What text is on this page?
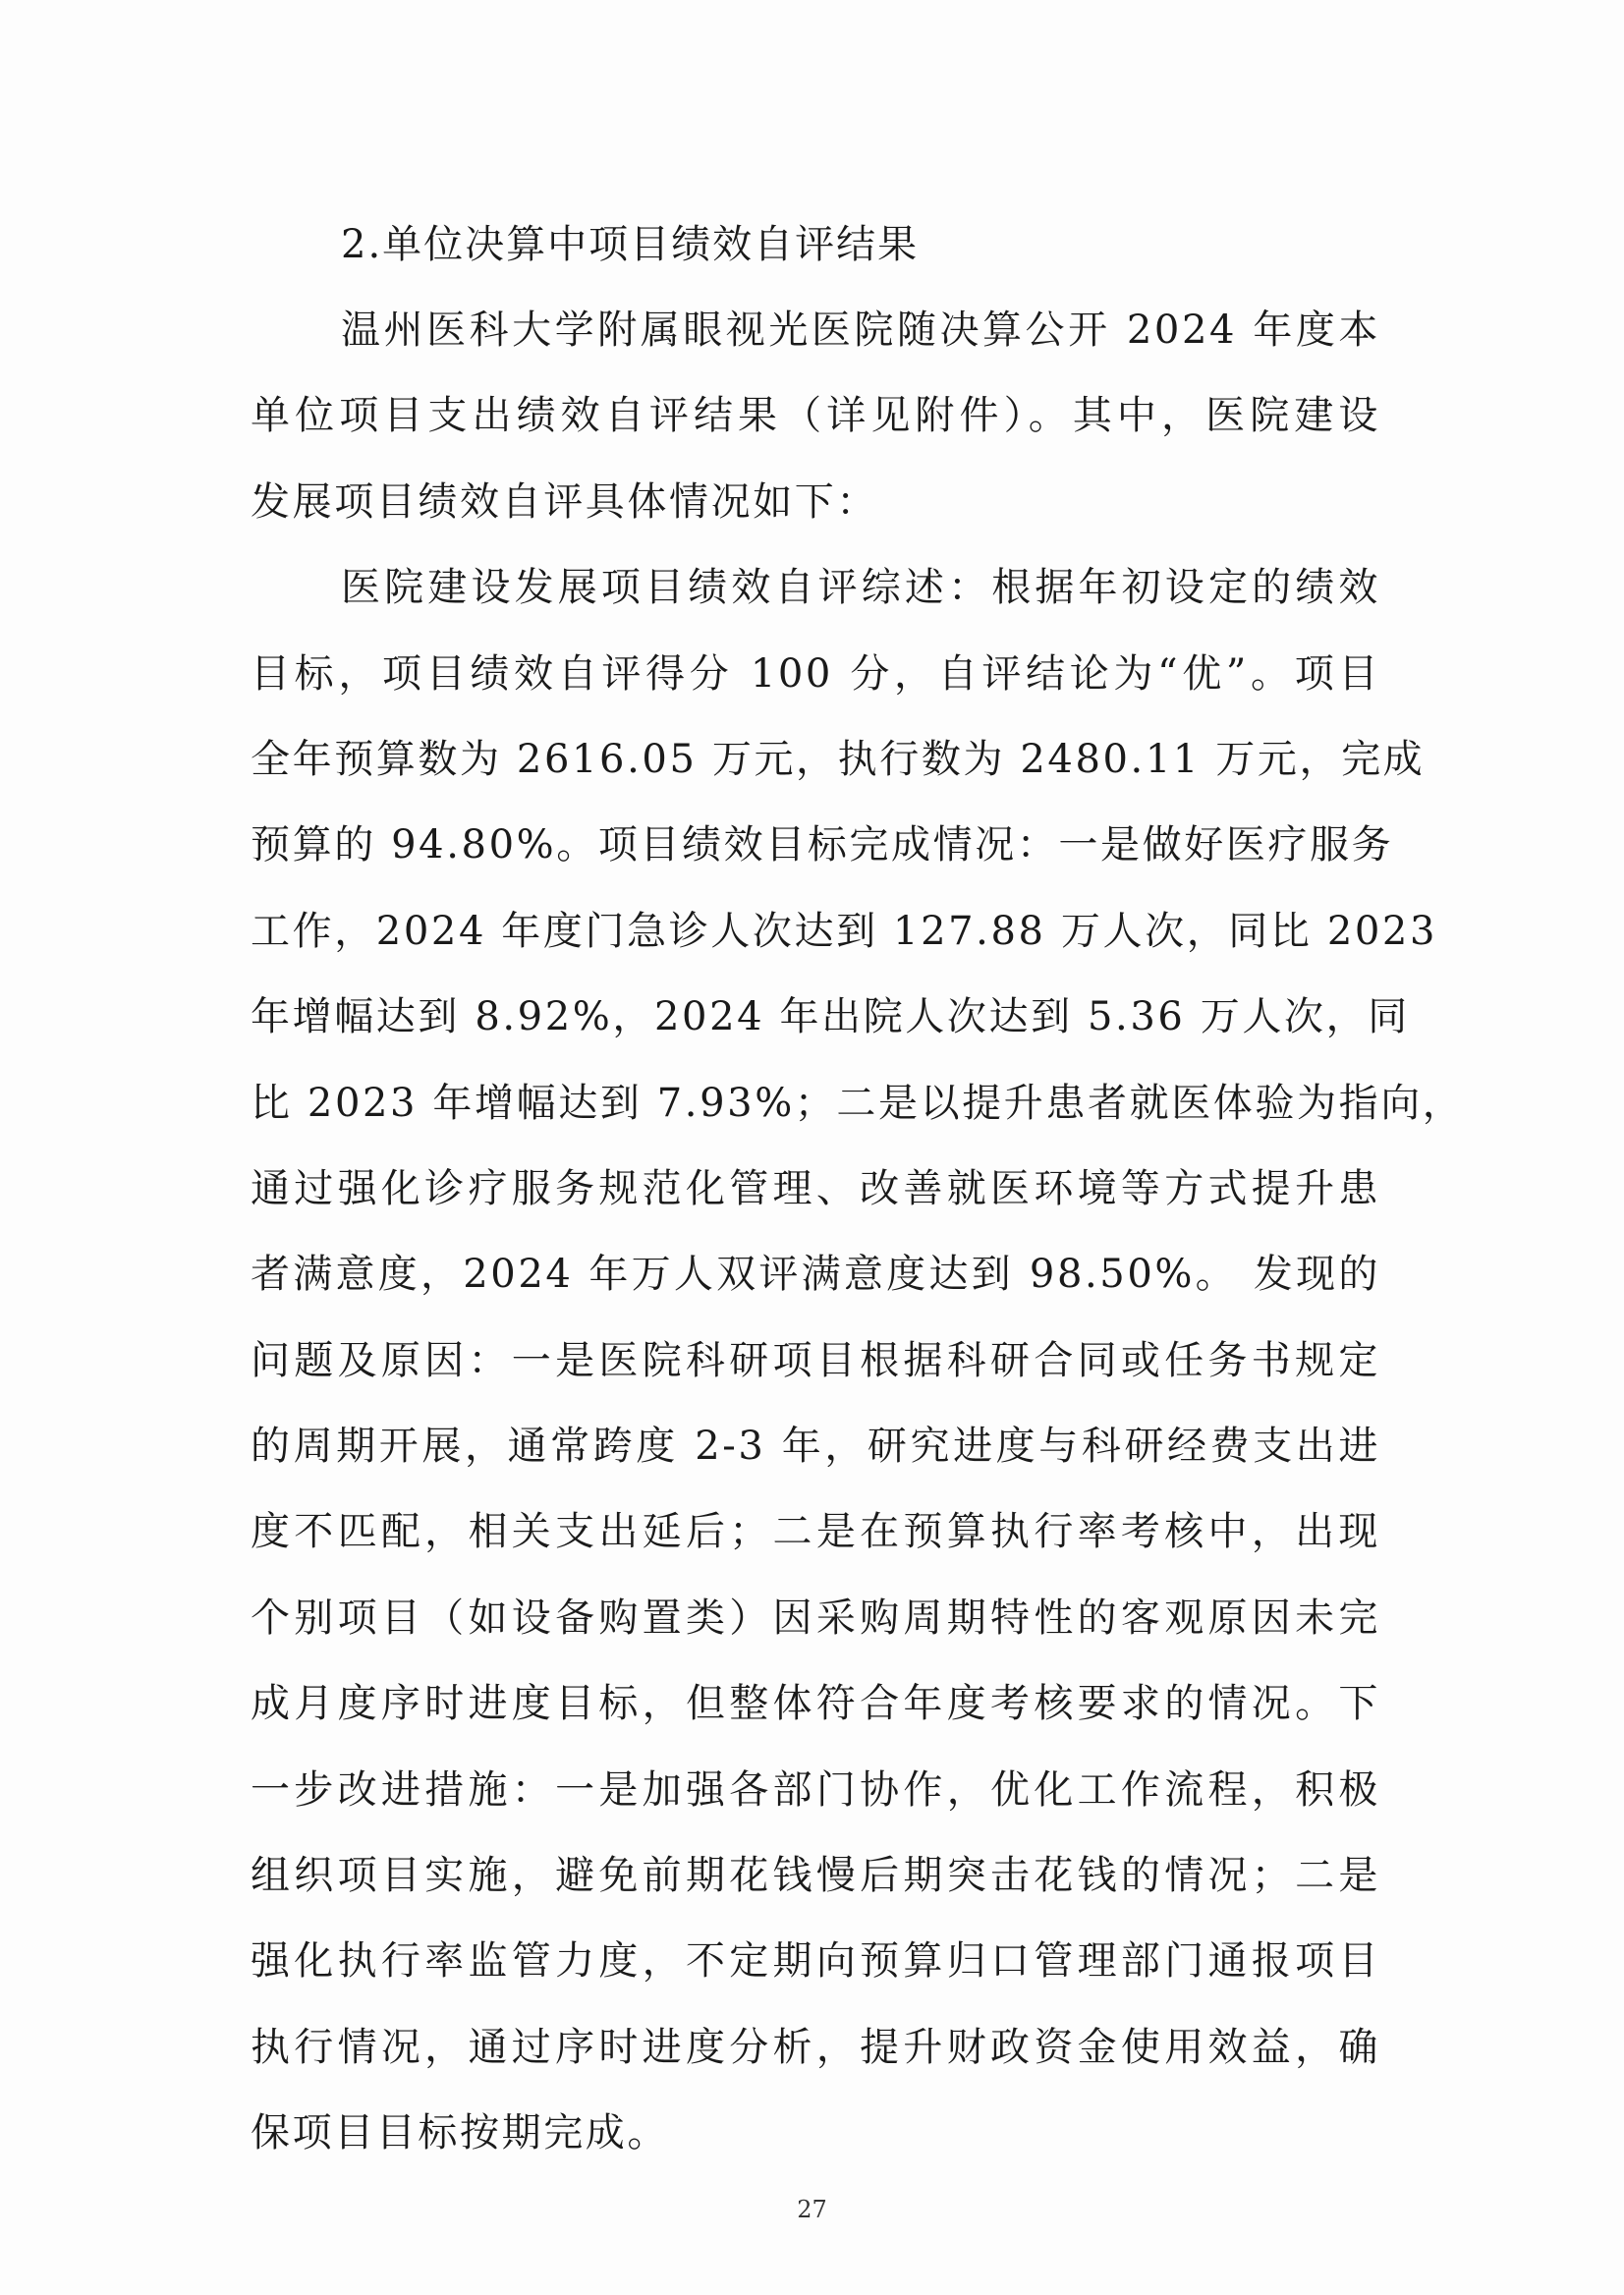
2.单位决算中项目绩效自评结果
温州医科大学附属眼视光医院随决算公开 2024 年度本
单位项目支出绩效自评结果（详见附件）。其中，医院建设
发展项目绩效自评具体情况如下：
医院建设发展项目绩效自评综述：根据年初设定的绩效
目标，项目绩效自评得分 100 分，自评结论为“优”。项目
全年预算数为 2616.05 万元，执行数为 2480.11 万元，完成
预算的 94.80%。项目绩效目标完成情况：一是做好医疗服务
工作，2024 年度门急诊人次达到 127.88 万人次，同比 2023
年增幅达到 8.92%，2024 年出院人次达到 5.36 万人次，同
比 2023 年增幅达到 7.93%；二是以提升患者就医体验为指向，
通过强化诊疗服务规范化管理、改善就医环境等方式提升患
者满意度，2024 年万人双评满意度达到 98.50%。 发现的
问题及原因：一是医院科研项目根据科研合同或任务书规定
的周期开展，通常跨度 2-3 年，研究进度与科研经费支出进
度不匹配，相关支出延后；二是在预算执行率考核中，出现
个别项目（如设备购置类）因采购周期特性的客观原因未完
成月度序时进度目标，但整体符合年度考核要求的情况。下
一步改进措施：一是加强各部门协作，优化工作流程，积极
组织项目实施，避免前期花钱慢后期突击花钱的情况；二是
强化执行率监管力度，不定期向预算归口管理部门通报项目
执行情况，通过序时进度分析，提升财政资金使用效益，确
保项目目标按期完成。
27
